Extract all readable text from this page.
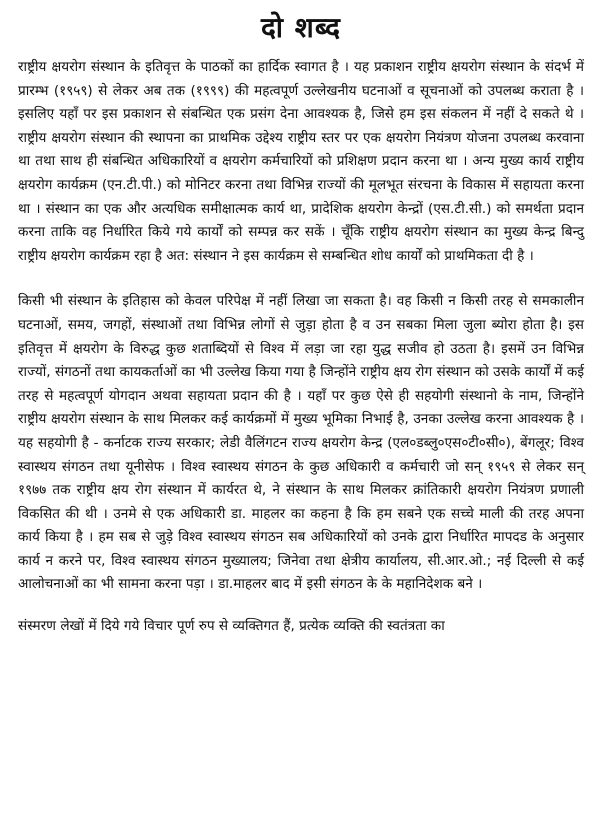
दो शब्द

राष्ट्रीय क्षयरोग संस्थान के इतिवृत्त के पाठकों का हार्दिक स्वागत है । यह प्रकाशन राष्ट्रीय क्षयरोग संस्थान के संदर्भ में प्रारम्भ (१९५९) से लेकर अब तक (१९९९) की महत्वपूर्ण उल्लेखनीय घटनाओं व सूचनाओं को उपलब्ध कराता है । इसलिए यहाँ पर इस प्रकाशन से संबन्धित एक प्रसंग देना आवश्यक है, जिसे हम इस संकलन में नहीं दे सकते थे । राष्ट्रीय क्षयरोग संस्थान की स्थापना का प्राथमिक उद्देश्य राष्ट्रीय स्तर पर एक क्षयरोग नियंत्रण योजना उपलब्ध करवाना था तथा साथ ही संबन्धित अधिकारियों व क्षयरोग कर्मचारियों को प्रशिक्षण प्रदान करना था । अन्य मुख्य कार्य राष्ट्रीय क्षयरोग कार्यक्रम (एन.टी.पी.) को मोनिटर करना तथा विभिन्न राज्यों की मूलभूत संरचना के विकास में सहायता करना था । संस्थान का एक और अत्यधिक समीक्षात्मक कार्य था, प्रादेशिक क्षयरोग केन्द्रों (एस.टी.सी.) को समर्थता प्रदान करना ताकि वह निर्धारित किये गये कार्यों को सम्पन्न कर सकें । चूँकि राष्ट्रीय क्षयरोग संस्थान का मुख्य केन्द्र बिन्दु राष्ट्रीय क्षयरोग कार्यक्रम रहा है अत: संस्थान ने इस कार्यक्रम से सम्बन्धित शोध कार्यों को प्राथमिकता दी है ।

किसी भी संस्थान के इतिहास को केवल परिपेक्ष में नहीं लिखा जा सकता है। वह किसी न किसी तरह से समकालीन घटनाओं, समय, जगहों, संस्थाओं तथा विभिन्न लोगों से जुड़ा होता है व उन सबका मिला जुला ब्योरा होता है। इस इतिवृत्त में क्षयरोग के विरुद्ध कुछ शताब्दियों से विश्व में लड़ा जा रहा युद्ध सजीव हो उठता है। इसमें उन विभिन्न राज्यों, संगठनों तथा कायकर्ताओं का भी उल्लेख किया गया है जिन्होंने राष्ट्रीय क्षय रोग संस्थान को उसके कार्यों में कई तरह से महत्वपूर्ण योगदान अथवा सहायता प्रदान की है । यहाँ पर कुछ ऐसे ही सहयोगी संस्थानो के नाम, जिन्होंने राष्ट्रीय क्षयरोग संस्थान के साथ मिलकर कई कार्यक्रमों में मुख्य भूमिका निभाई है, उनका उल्लेख करना आवश्यक है । यह सहयोगी है - कर्नाटक राज्य सरकार; लेडी वैलिंगटन राज्य क्षयरोग केन्द्र (एल०डब्लु०एस०टी०सी०), बेंगलूर; विश्व स्वास्थय संगठन तथा यूनीसेफ । विश्व स्वास्थय संगठन के कुछ अधिकारी व कर्मचारी जो सन् १९५९ से लेकर सन् १९७७ तक राष्ट्रीय क्षय रोग संस्थान में कार्यरत थे, ने संस्थान के साथ मिलकर क्रांतिकारी क्षयरोग नियंत्रण प्रणाली विकसित की थी । उनमे से एक अधिकारी डा. माहलर का कहना है कि हम सबने एक सच्चे माली की तरह अपना कार्य किया है । हम सब से जुड़े विश्व स्वास्थय संगठन सब अधिकारियों को उनके द्वारा निर्धारित मापदड के अनुसार कार्य न करने पर, विश्व स्वास्थय संगठन मुख्यालय; जिनेवा तथा क्षेत्रीय कार्यालय, सी.आर.ओ.; नई दिल्ली से कई आलोचनाओं का भी सामना करना पड़ा । डा.माहलर बाद में इसी संगठन के के महानिदेशक बने ।

संस्मरण लेखों में दिये गये विचार पूर्ण रुप से व्यक्तिगत हैं, प्रत्येक व्यक्ति की स्वतंत्रता का
